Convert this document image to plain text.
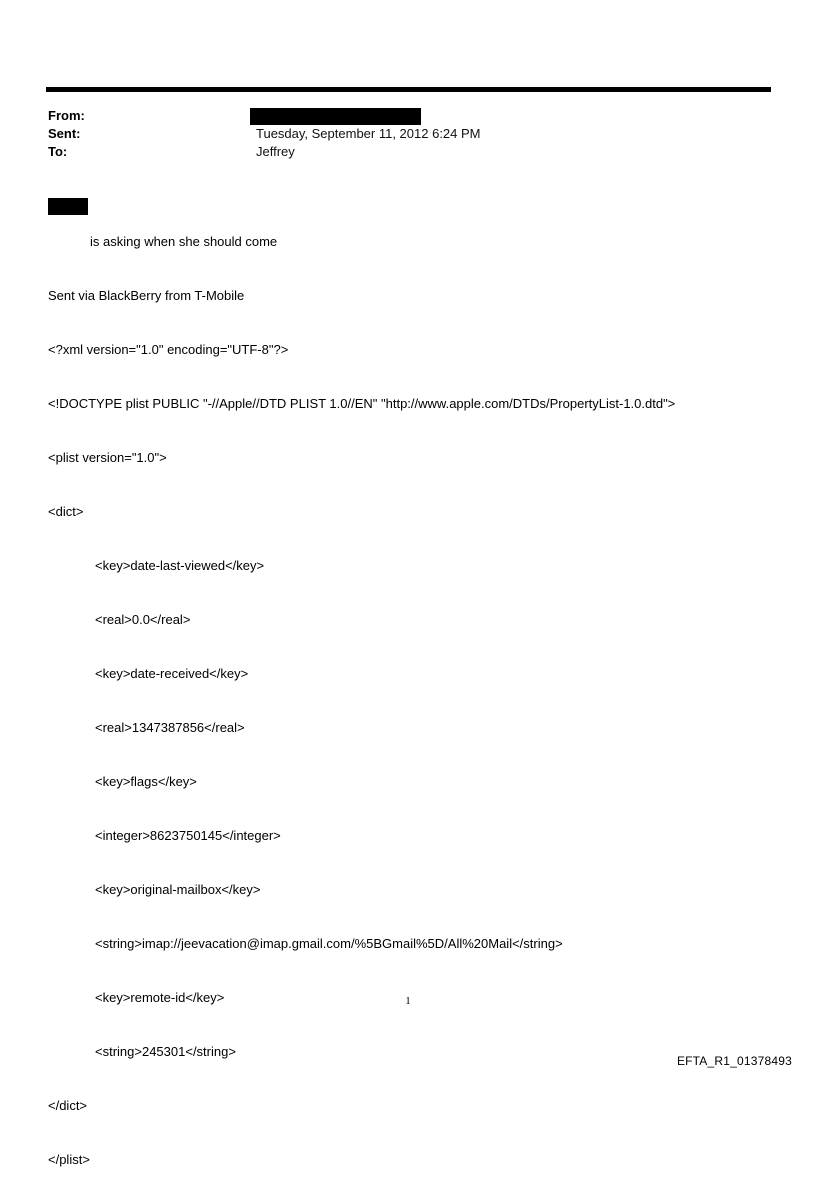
From:
Sent:	Tuesday, September 11, 2012 6:24 PM
To:	Jeffrey

is asking when she should come

Sent via BlackBerry from T-Mobile

<?xml version="1.0" encoding="UTF-8"?>

<!DOCTYPE plist PUBLIC "-//Apple//DTD PLIST 1.0//EN" "http://www.apple.com/DTDs/PropertyList-1.0.dtd">

<plist version="1.0">

<dict>

<key>date-last-viewed</key>

<real>0.0</real>

<key>date-received</key>

<real>1347387856</real>

<key>flags</key>

<integer>8623750145</integer>

<key>original-mailbox</key>

<string>imap://jeevacation@imap.gmail.com/%5BGmail%5D/All%20Mail</string>

<key>remote-id</key>

<string>245301</string>

</dict>

</plist>

1
EFTA_R1_01378493
